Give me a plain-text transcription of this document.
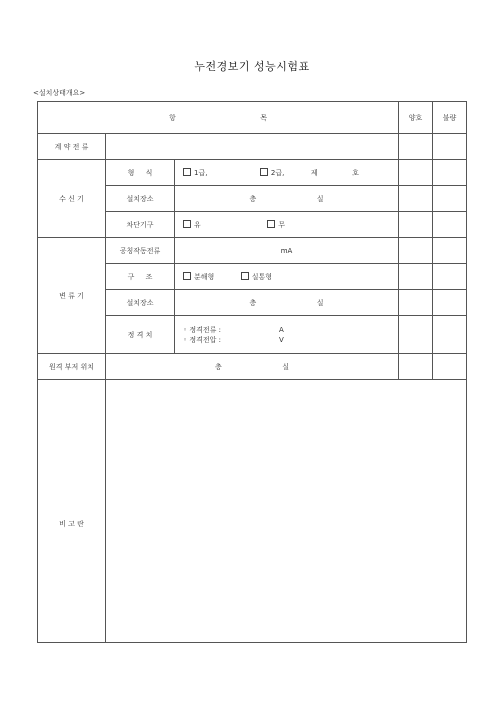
누전경보기 성능시험표
<설치상태개요>
항 목			양호	불량
계 약 전 류				
수 신 기	형 식	1급, 2급, 제 호		
	설치장소	층 실		
	차단기구	유 무		
변 류 기	공칭작동전류	mA		
	구 조	분해형 실통형		
	설치장소	층 실		
	정 격 치	◦ 정격전류 : A
◦ 정격전압 : V		
원격 부저 위치	층 실			
비 고 란				
